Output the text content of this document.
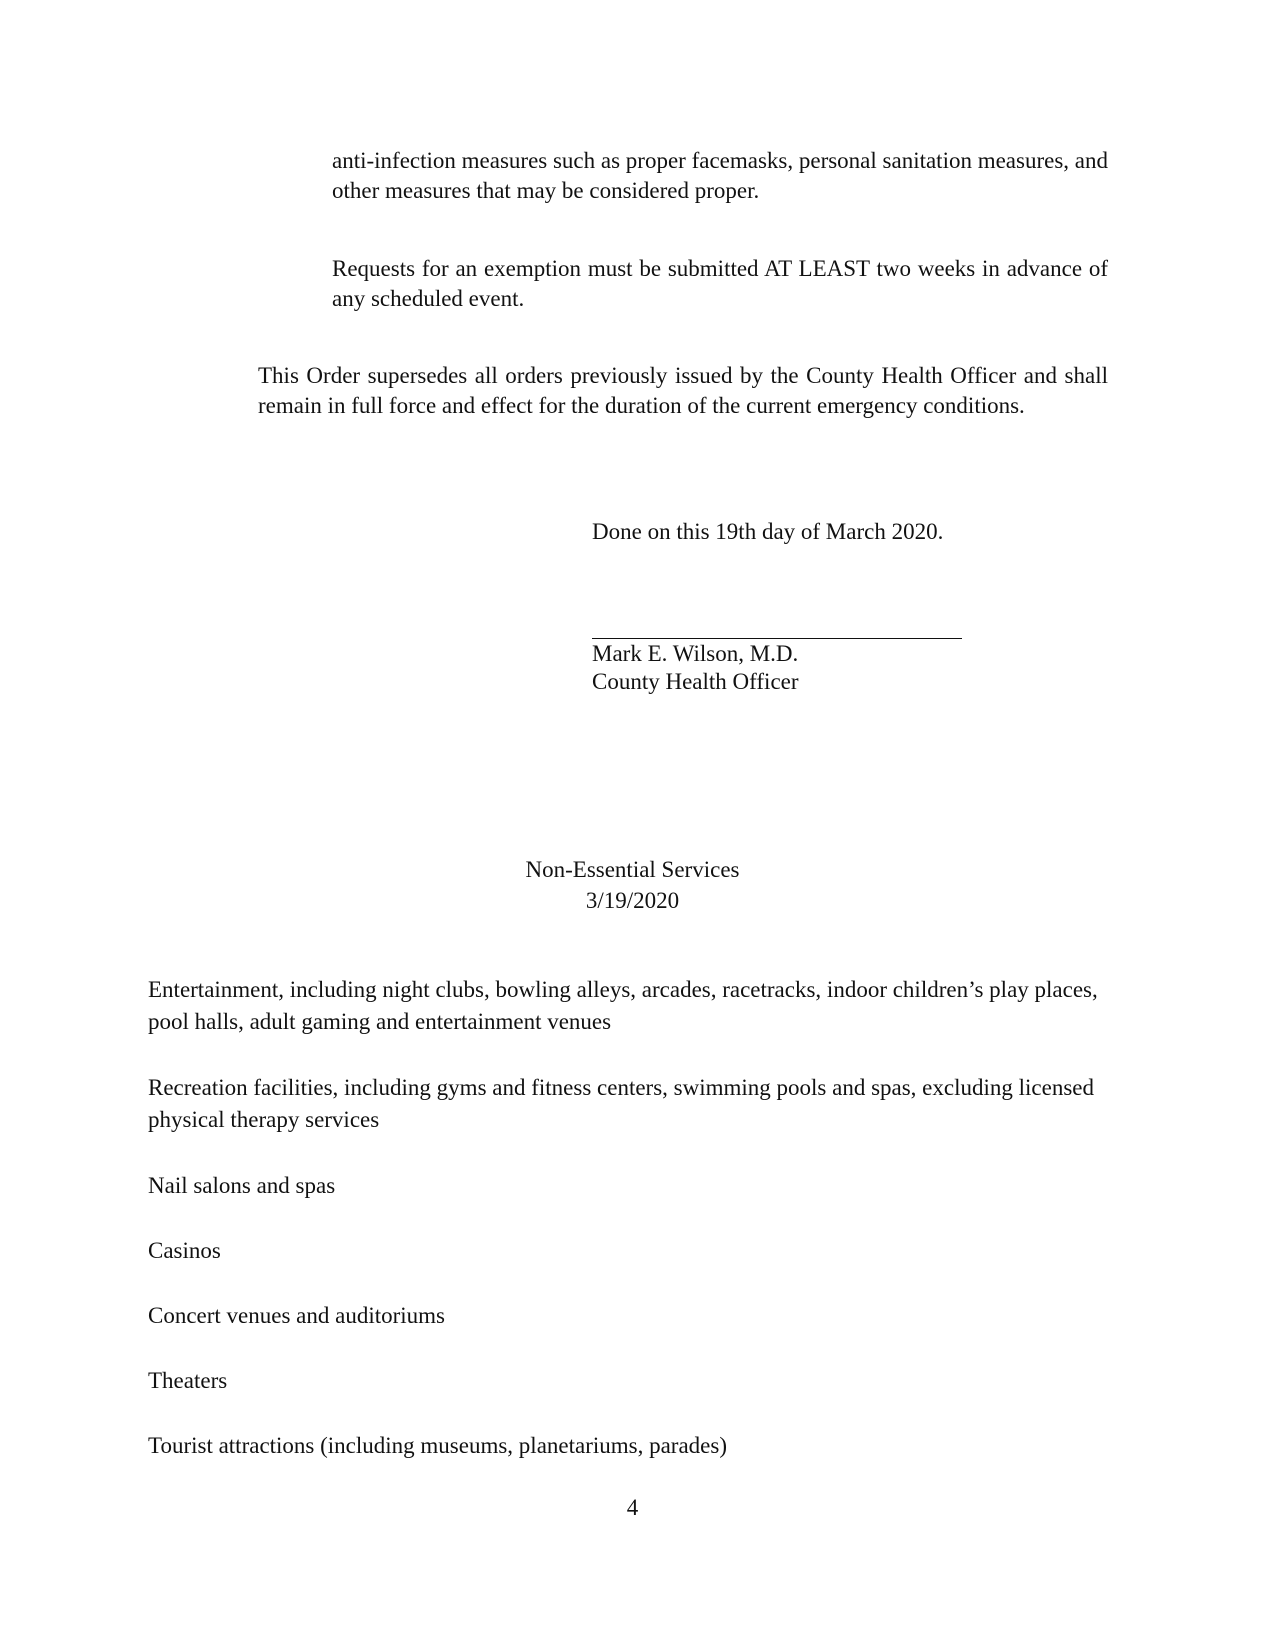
anti-infection measures such as proper facemasks, personal sanitation measures, and other measures that may be considered proper.

Requests for an exemption must be submitted AT LEAST two weeks in advance of any scheduled event.

This Order supersedes all orders previously issued by the County Health Officer and shall remain in full force and effect for the duration of the current emergency conditions.

Done on this 19th day of March 2020.

Mark E. Wilson, M.D.

County Health Officer

Non-Essential Services

3/19/2020

Entertainment, including night clubs, bowling alleys, arcades, racetracks, indoor children’s play places, pool halls, adult gaming and entertainment venues

Recreation facilities, including gyms and fitness centers, swimming pools and spas, excluding licensed physical therapy services

Nail salons and spas

Casinos

Concert venues and auditoriums

Theaters

Tourist attractions (including museums, planetariums, parades)

4
